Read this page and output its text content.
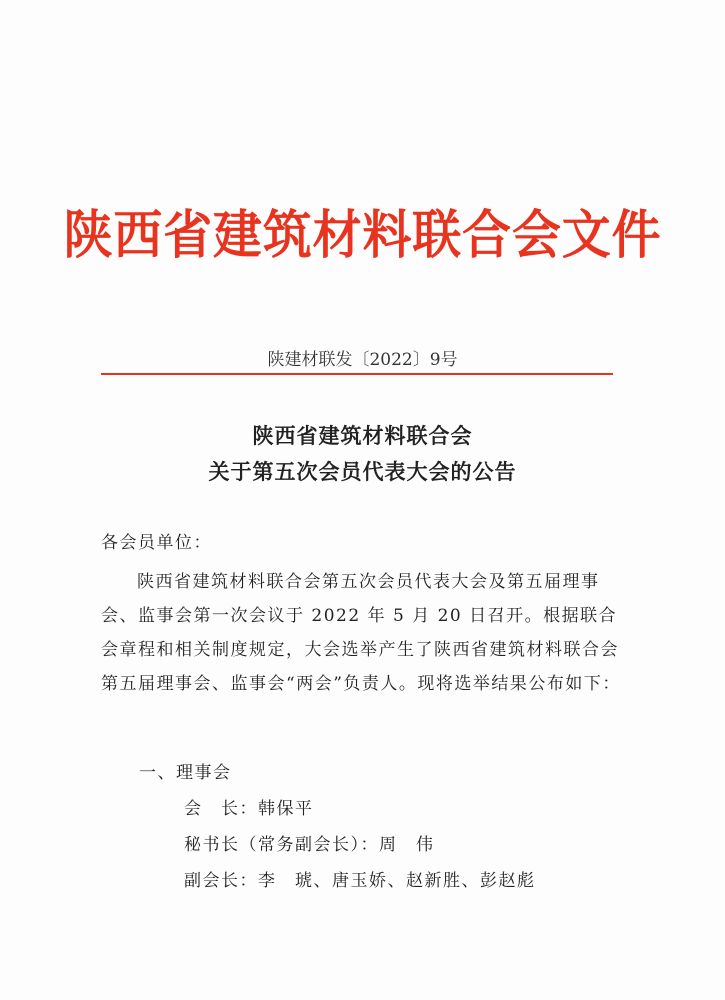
陕西省建筑材料联合会文件
陕建材联发〔2022〕9号
陕西省建筑材料联合会
关于第五次会员代表大会的公告
各会员单位：
陕西省建筑材料联合会第五次会员代表大会及第五届理事会、监事会第一次会议于 2022 年 5 月 20 日召开。根据联合会章程和相关制度规定，大会选举产生了陕西省建筑材料联合会第五届理事会、监事会“两会”负责人。现将选举结果公布如下：
一、理事会
会　长：韩保平
秘书长（常务副会长）：周　伟
副会长：李　琥、唐玉娇、赵新胜、彭赵彪
